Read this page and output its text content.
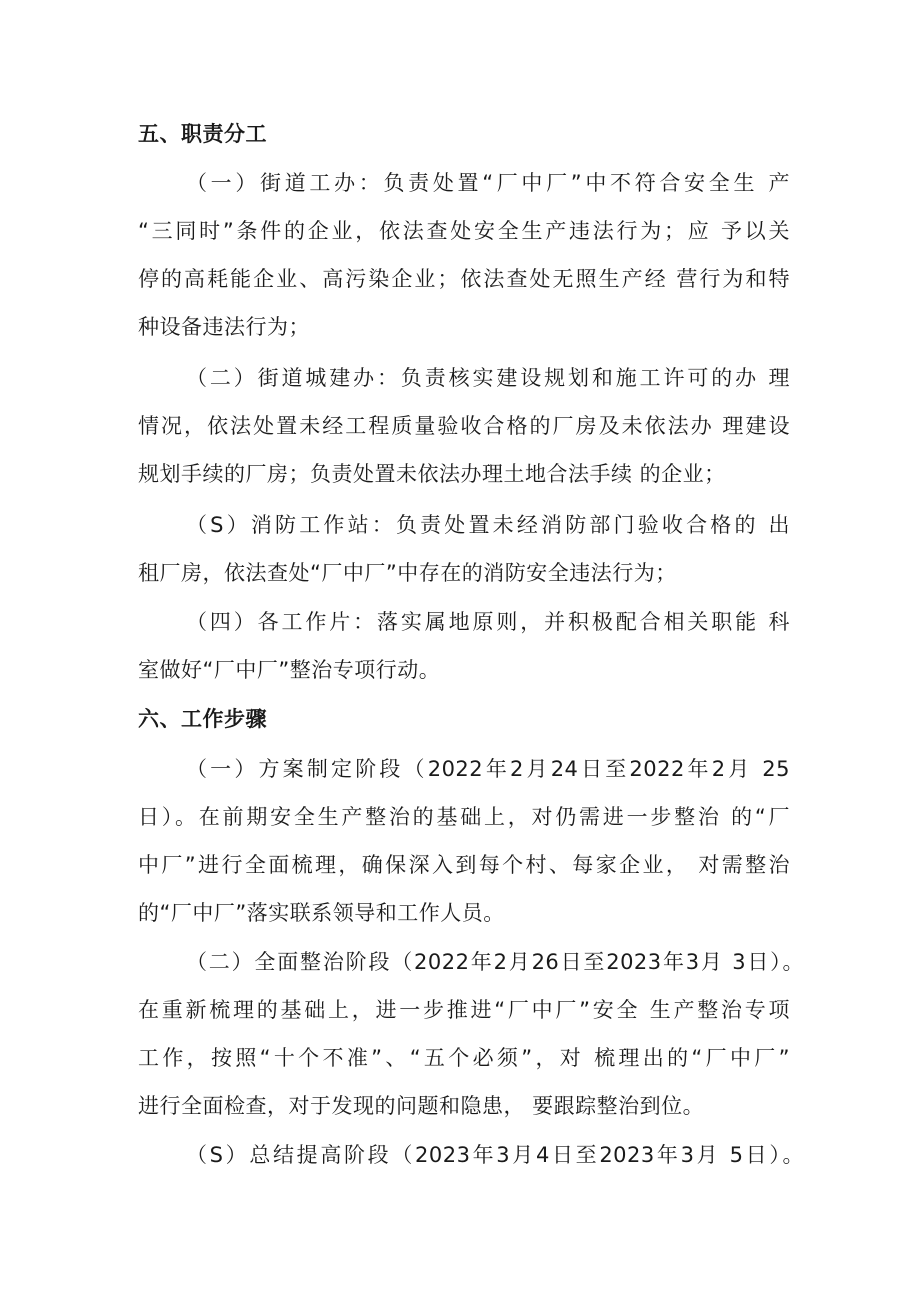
五、职责分工
（一）街道工办：负责处置“厂中厂”中不符合安全生 产
“三同时”条件的企业，依法查处安全生产违法行为；应 予以关
停的高耗能企业、高污染企业；依法查处无照生产经 营行为和特
种设备违法行为；
（二）街道城建办：负责核实建设规划和施工许可的办 理
情况，依法处置未经工程质量验收合格的厂房及未依法办 理建设
规划手续的厂房；负责处置未依法办理土地合法手续 的企业；
（S）消防工作站：负责处置未经消防部门验收合格的 出
租厂房，依法查处“厂中厂”中存在的消防安全违法行为；
（四）各工作片：落实属地原则，并积极配合相关职能 科
室做好“厂中厂”整治专项行动。
六、工作步骤
（一）方案制定阶段（2022年2月24日至2022年2月 25
日）。在前期安全生产整治的基础上，对仍需进一步整治 的“厂
中厂”进行全面梳理，确保深入到每个村、每家企业， 对需整治
的“厂中厂”落实联系领导和工作人员。
（二）全面整治阶段（2022年2月26日至2023年3月 3日）。
在重新梳理的基础上，进一步推进“厂中厂”安全 生产整治专项
工作，按照“十个不准”、“五个必须”，对 梳理出的“厂中厂”
进行全面检查，对于发现的问题和隐患， 要跟踪整治到位。
（S）总结提高阶段（2023年3月4日至2023年3月 5日）。
